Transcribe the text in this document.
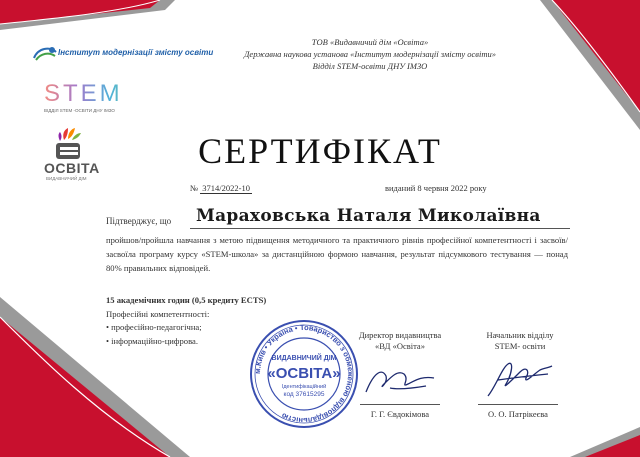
Інститут модернізації змісту освіти
STEM
ВІДДІЛ STEM -ОСВІТИ ДНУ ІМЗО
ОСВІТА
ВИДАВНИЧИЙ ДІМ
ТОВ «Видавничий дім «Освіта»
Державна наукова установа «Інститут модернізації змісту освіти»
Відділ STEM-освіти ДНУ ІМЗО
СЕРТИФІКАТ
№ 3714/2022-10	виданий 8 червня 2022 року
Підтверджує, що Мараховська Наталя Миколаївна
пройшов/пройшла навчання з метою підвищення методичного та практичного рівнів професійної компетентності і засвоїв/засвоїла програму курсу «STEM-школа» за дистанційною формою навчання, результат підсумкового тестування — понад 80% правильних відповідей.
15 академічних годин (0,5 кредиту ECTS)
Професійні компетентності:
• професійно-педагогічна;
• інформаційно-цифрова.
м.Київ • Україна • Товариство з обмеженою відповідальністю
ВИДАВНИЧИЙ ДІМ
«ОСВІТА»
Ідентифікаційний
код 37615295
Директор видавництва
«ВД «Освіта»
Г. Г. Євдокімова
Начальник відділу
STEM- освіти
О. О. Патрікеєва
